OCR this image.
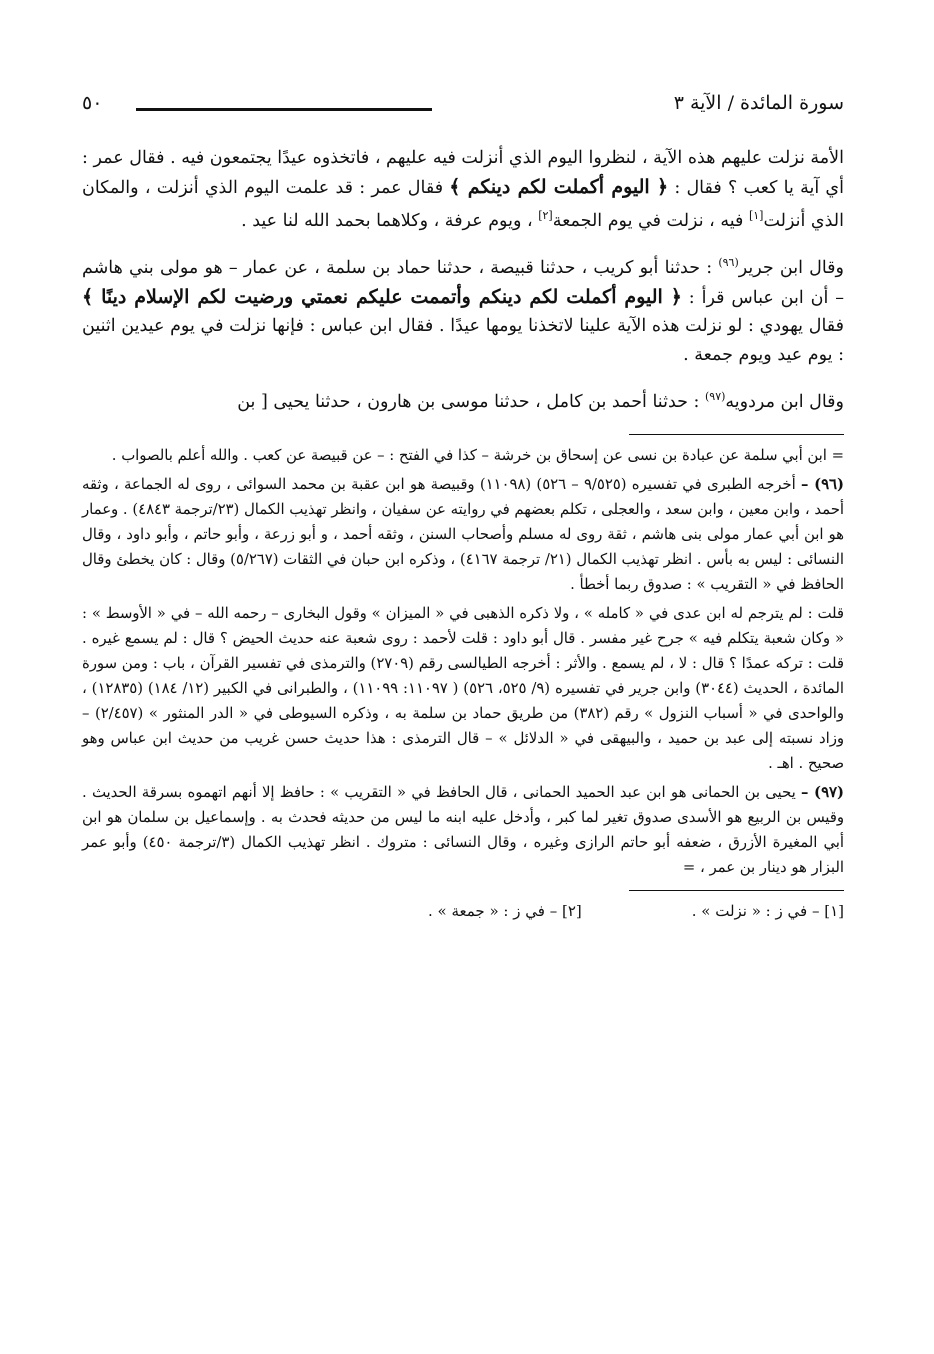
سورة المائدة / الآية ٣
٥٠

الأمة نزلت عليهم هذه الآية ، لنظروا اليوم الذي أنزلت فيه عليهم ، فاتخذوه عيدًا يجتمعون فيه . فقال عمر : أي آية يا كعب ؟ فقال : ﴿ اليوم أكملت لكم دينكم ﴾ فقال عمر : قد علمت اليوم الذي أنزلت ، والمكان الذي أنزلت[١] فيه ، نزلت في يوم الجمعة[٢] ، ويوم عرفة ، وكلاهما بحمد الله لنا عيد .

وقال ابن جرير$^{(٩٦)}$ : حدثنا أبو كريب ، حدثنا قبيصة ، حدثنا حماد بن سلمة ، عن عمار – هو مولى بني هاشم – أن ابن عباس قرأ : ﴿ اليوم أكملت لكم دينكم وأتممت عليكم نعمتي ورضيت لكم الإسلام دينًا ﴾ فقال يهودي : لو نزلت هذه الآية علينا لاتخذنا يومها عيدًا . فقال ابن عباس : فإنها نزلت في يوم عيدين اثنين : يوم عيد ويوم جمعة .

وقال ابن مردويه$^{(٩٧)}$ : حدثنا أحمد بن كامل ، حدثنا موسى بن هارون ، حدثنا يحيى [ بن

= ابن أبي سلمة عن عبادة بن نسى عن إسحاق بن خرشة – كذا في الفتح : – عن قبيصة عن كعب . والله أعلم بالصواب .

(٩٦) – أخرجه الطبرى في تفسيره (٩/٥٢٥ – ٥٢٦) (١١٠٩٨) وقبيصة هو ابن عقبة بن محمد السوائى ، روى له الجماعة ، وثقه أحمد ، وابن معين ، وابن سعد ، والعجلى ، تكلم بعضهم في روايته عن سفيان ، وانظر تهذيب الكمال (٢٣/ترجمة ٤٨٤٣) . وعمار هو ابن أبي عمار مولى بنى هاشم ، ثقة روى له مسلم وأصحاب السنن ، وثقه أحمد ، و أبو زرعة ، وأبو حاتم ، وأبو داود ، وقال النسائى : ليس به بأس . انظر تهذيب الكمال (٢١/ ترجمة ٤١٦٧) ، وذكره ابن حبان في الثقات (٥/٢٦٧) وقال : كان يخطئ وقال الحافظ في « التقريب » : صدوق ربما أخطأ .

قلت : لم يترجم له ابن عدى في « كامله » ، ولا ذكره الذهبى في « الميزان » وقول البخارى – رحمه الله – في « الأوسط » : « وكان شعبة يتكلم فيه » جرح غير مفسر . قال أبو داود : قلت لأحمد : روى شعبة عنه حديث الحيض ؟ قال : لم يسمع غيره . قلت : تركه عمدًا ؟ قال : لا ، لم يسمع . والأثر : أخرجه الطيالسى رقم (٢٧٠٩) والترمذى في تفسير القرآن ، باب : ومن سورة المائدة ، الحديث (٣٠٤٤) وابن جرير في تفسيره (٩/ ٥٢٥، ٥٢٦) ( ١١٠٩٧: ١١٠٩٩) ، والطبرانى في الكبير (١٢/ ١٨٤) (١٢٨٣٥) ، والواحدى في « أسباب النزول » رقم (٣٨٢) من طريق حماد بن سلمة به ، وذكره السيوطى في « الدر المنثور » (٢/٤٥٧) – وزاد نسبته إلى عبد بن حميد ، والبيهقى في « الدلائل » – قال الترمذى : هذا حديث حسن غريب من حديث ابن عباس وهو صحيح . اهـ .

(٩٧) – يحيى بن الحمانى هو ابن عبد الحميد الحمانى ، قال الحافظ في « التقريب » : حافظ إلا أنهم اتهموه بسرقة الحديث . وقيس بن الربيع هو الأسدى صدوق تغير لما كبر ، وأدخل عليه ابنه ما ليس من حديثه فحدث به . وإسماعيل بن سلمان هو ابن أبي المغيرة الأزرق ، ضعفه أبو حاتم الرازى وغيره ، وقال النسائى : متروك . انظر تهذيب الكمال (٣/ترجمة ٤٥٠) وأبو عمر البزار هو دينار بن عمر ، =

[١] – في ز : « نزلت » .
[٢] – في ز : « جمعة » .
